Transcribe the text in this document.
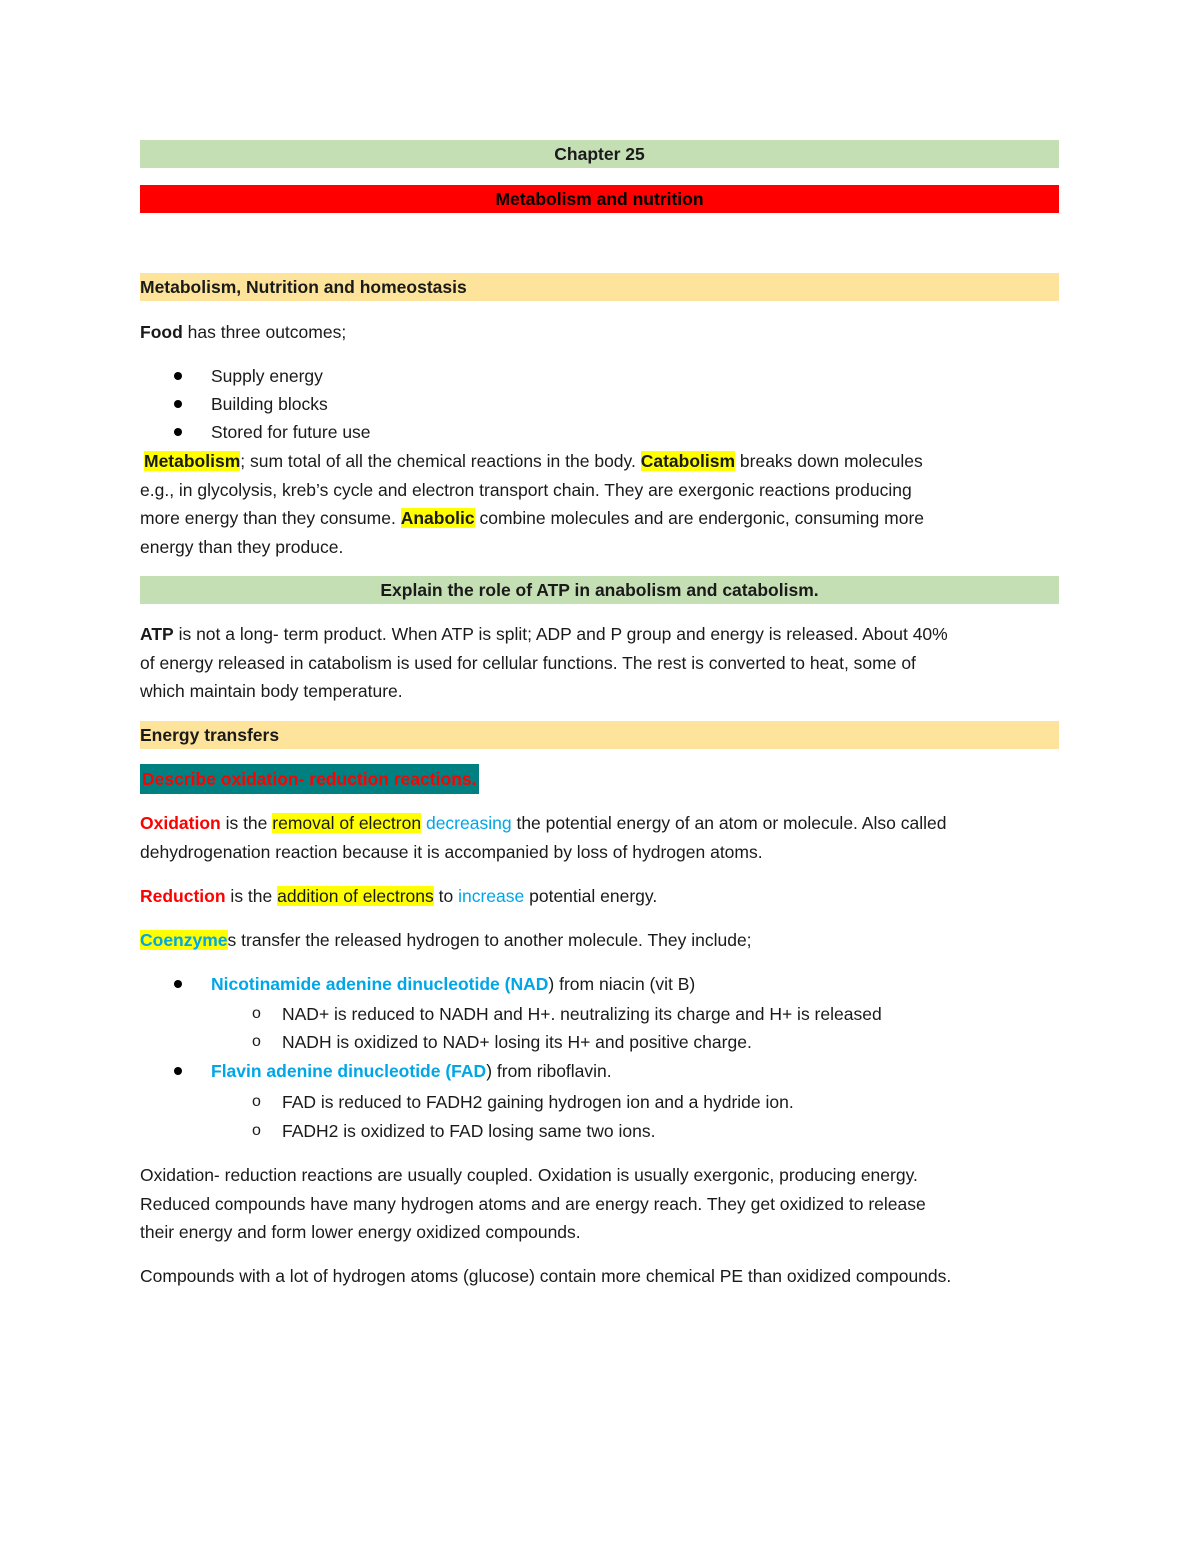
Chapter 25
Metabolism and nutrition
Metabolism, Nutrition and homeostasis
Food has three outcomes;
Supply energy
Building blocks
Stored for future use
Metabolism; sum total of all the chemical reactions in the body. Catabolism breaks down molecules
e.g., in glycolysis, kreb’s cycle and electron transport chain. They are exergonic reactions producing
more energy than they consume. Anabolic combine molecules and are endergonic, consuming more
energy than they produce.
Explain the role of ATP in anabolism and catabolism.
ATP is not a long- term product. When ATP is split; ADP and P group and energy is released. About 40%
of energy released in catabolism is used for cellular functions. The rest is converted to heat, some of
which maintain body temperature.
Energy transfers
Describe oxidation- reduction reactions.
Oxidation is the removal of electron decreasing the potential energy of an atom or molecule. Also called
dehydrogenation reaction because it is accompanied by loss of hydrogen atoms.
Reduction is the addition of electrons to increase potential energy.
Coenzymes transfer the released hydrogen to another molecule. They include;
Nicotinamide adenine dinucleotide (NAD) from niacin (vit B)
o NAD+ is reduced to NADH and H+. neutralizing its charge and H+ is released
o NADH is oxidized to NAD+ losing its H+ and positive charge.
Flavin adenine dinucleotide (FAD) from riboflavin.
o FAD is reduced to FADH2 gaining hydrogen ion and a hydride ion.
o FADH2 is oxidized to FAD losing same two ions.
Oxidation- reduction reactions are usually coupled. Oxidation is usually exergonic, producing energy.
Reduced compounds have many hydrogen atoms and are energy reach. They get oxidized to release
their energy and form lower energy oxidized compounds.
Compounds with a lot of hydrogen atoms (glucose) contain more chemical PE than oxidized compounds.
